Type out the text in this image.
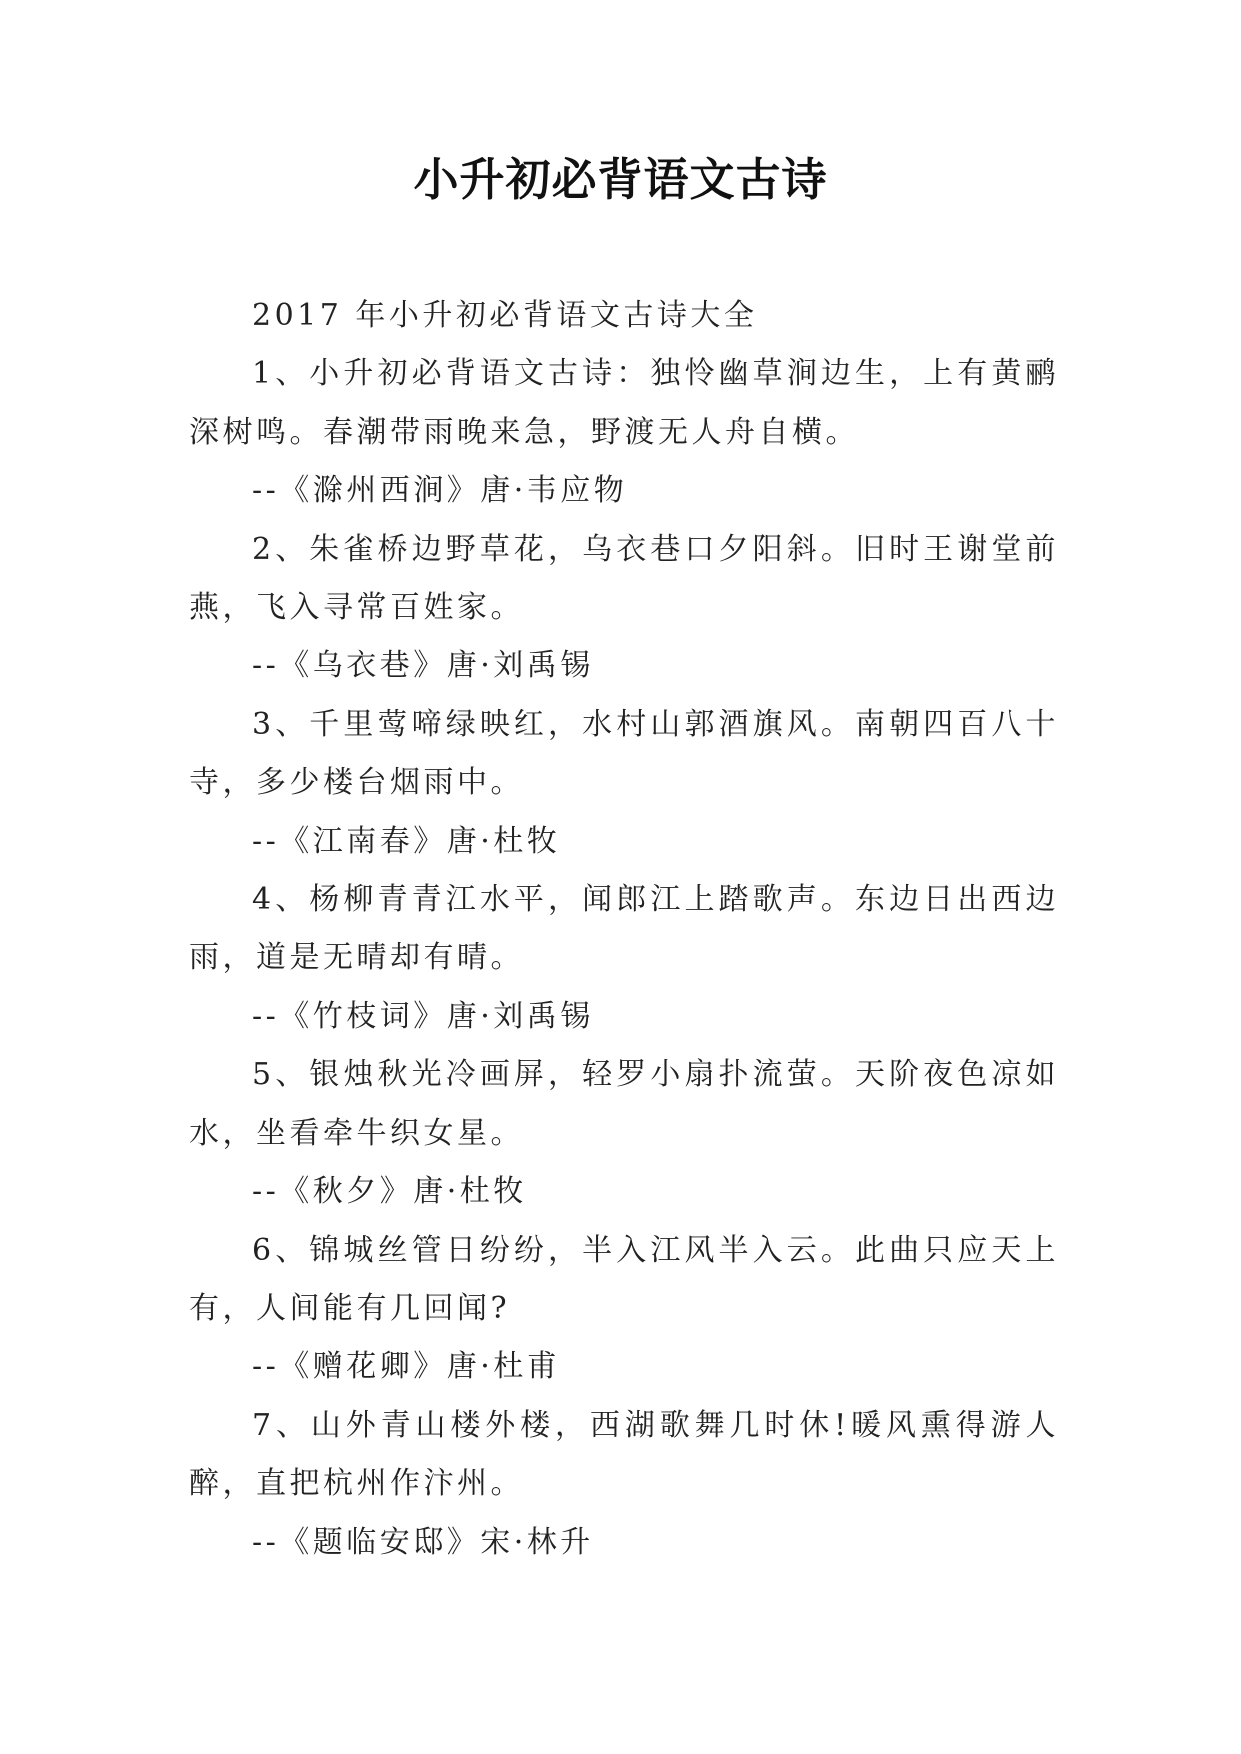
小升初必背语文古诗

2017 年小升初必背语文古诗大全

1、小升初必背语文古诗：独怜幽草涧边生，上有黄鹂深树鸣。春潮带雨晚来急，野渡无人舟自横。

--《滁州西涧》唐·韦应物

2、朱雀桥边野草花，乌衣巷口夕阳斜。旧时王谢堂前燕，飞入寻常百姓家。

--《乌衣巷》唐·刘禹锡

3、千里莺啼绿映红，水村山郭酒旗风。南朝四百八十寺，多少楼台烟雨中。

--《江南春》唐·杜牧

4、杨柳青青江水平，闻郎江上踏歌声。东边日出西边雨，道是无晴却有晴。

--《竹枝词》唐·刘禹锡

5、银烛秋光冷画屏，轻罗小扇扑流萤。天阶夜色凉如水，坐看牵牛织女星。

--《秋夕》唐·杜牧

6、锦城丝管日纷纷，半入江风半入云。此曲只应天上有，人间能有几回闻?

--《赠花卿》唐·杜甫

7、山外青山楼外楼，西湖歌舞几时休!暖风熏得游人醉，直把杭州作汴州。

--《题临安邸》宋·林升
